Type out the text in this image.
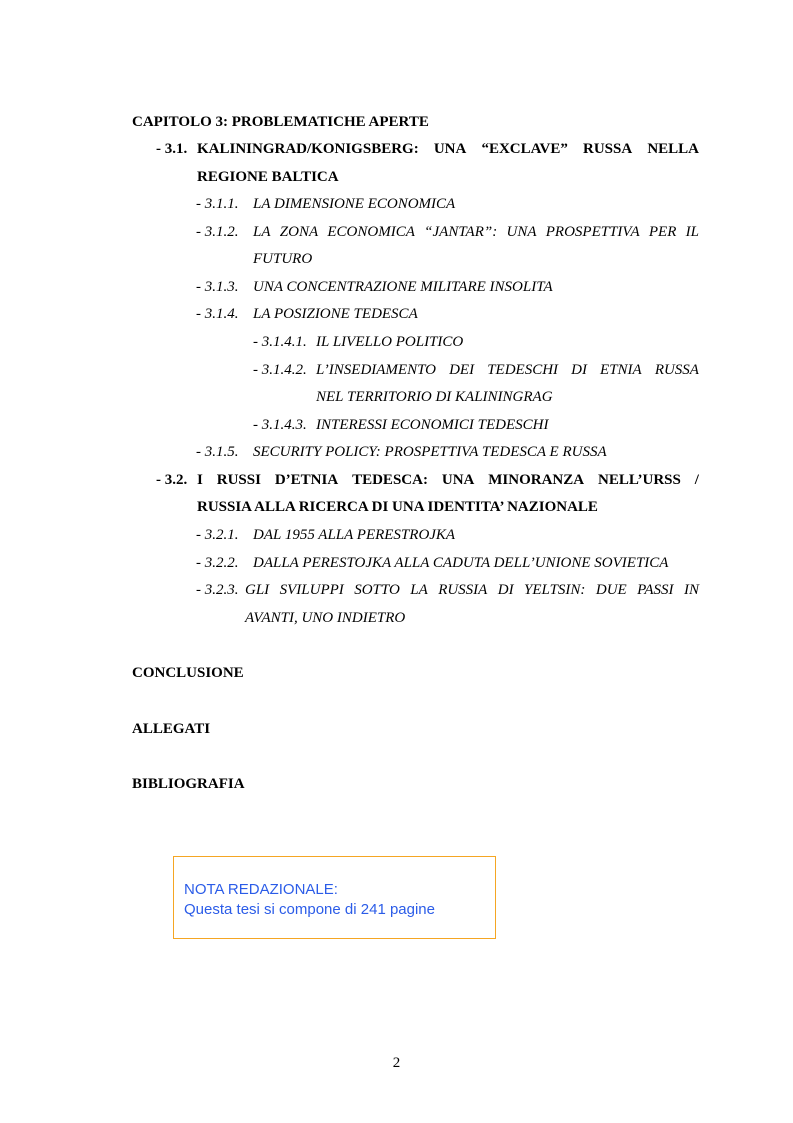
CAPITOLO 3: PROBLEMATICHE APERTE
- 3.1. KALININGRAD/KONIGSBERG: UNA “EXCLAVE” RUSSA NELLA
REGIONE BALTICA
- 3.1.1. LA DIMENSIONE ECONOMICA
- 3.1.2. LA ZONA ECONOMICA “JANTAR”: UNA PROSPETTIVA PER IL
FUTURO
- 3.1.3. UNA CONCENTRAZIONE MILITARE INSOLITA
- 3.1.4. LA POSIZIONE TEDESCA
- 3.1.4.1. IL LIVELLO POLITICO
- 3.1.4.2. L’INSEDIAMENTO DEI TEDESCHI DI ETNIA RUSSA
NEL TERRITORIO DI KALININGRAG
- 3.1.4.3. INTERESSI ECONOMICI TEDESCHI
- 3.1.5. SECURITY POLICY: PROSPETTIVA TEDESCA E RUSSA
- 3.2. I RUSSI D’ETNIA TEDESCA: UNA MINORANZA NELL’URSS /
RUSSIA ALLA RICERCA DI UNA IDENTITA’ NAZIONALE
- 3.2.1. DAL 1955 ALLA PERESTROJKA
- 3.2.2. DALLA PERESTOJKA ALLA CADUTA DELL’UNIONE SOVIETICA
- 3.2.3. GLI SVILUPPI SOTTO LA RUSSIA DI YELTSIN: DUE PASSI IN
AVANTI, UNO INDIETRO
CONCLUSIONE
ALLEGATI
BIBLIOGRAFIA
NOTA REDAZIONALE:
Questa tesi si compone di 241 pagine
2
